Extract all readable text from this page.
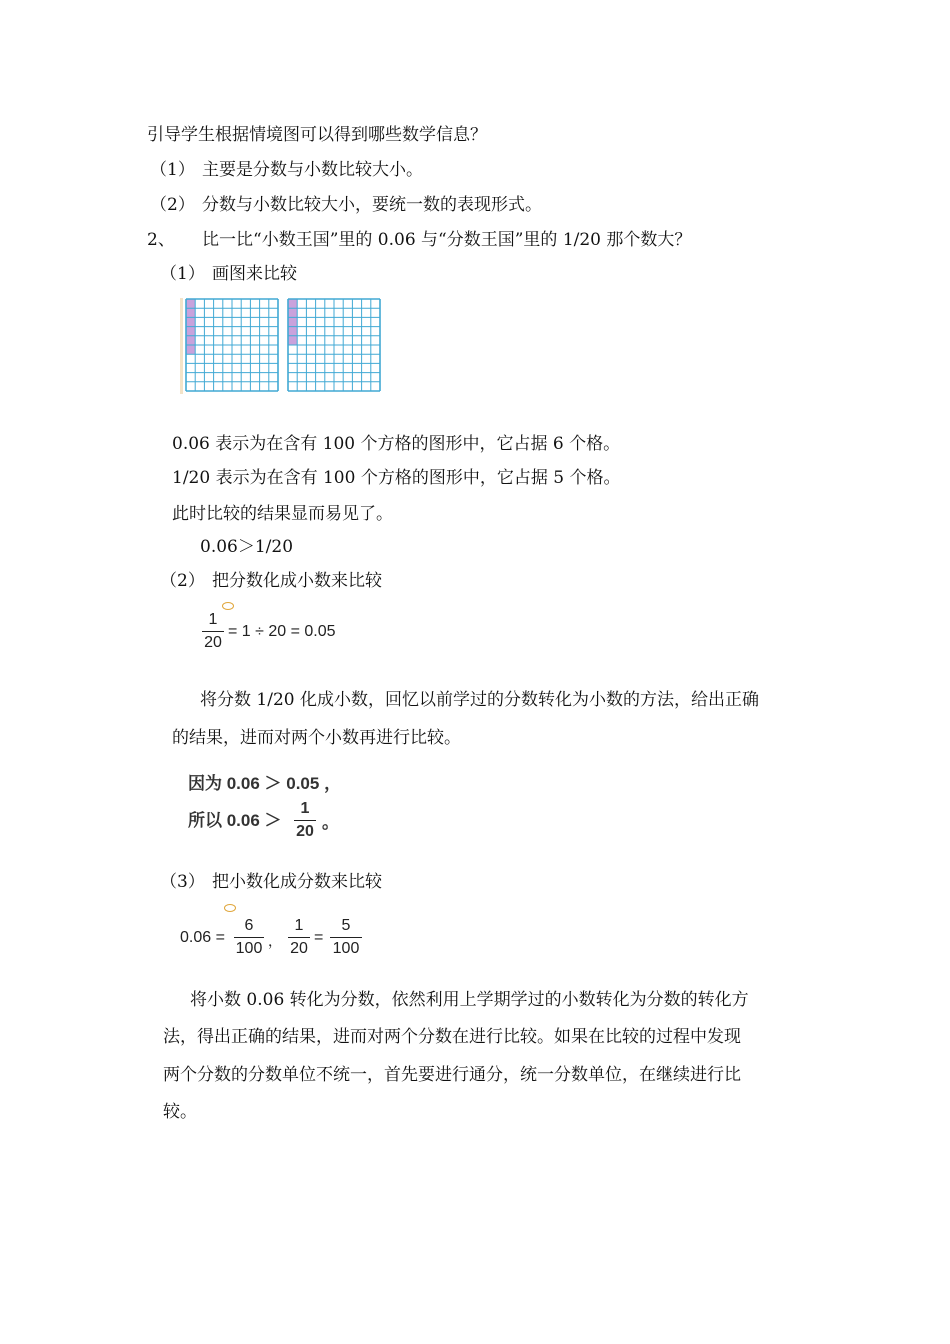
引导学生根据情境图可以得到哪些数学信息？
（1） 主要是分数与小数比较大小。
（2） 分数与小数比较大小，要统一数的表现形式。
2、 比一比“小数王国”里的 0.06 与“分数王国”里的 1/20 那个数大？
（1） 画图来比较
0.06 表示为在含有 100 个方格的图形中，它占据 6 个格。
1/20 表示为在含有 100 个方格的图形中，它占据 5 个格。
此时比较的结果显而易见了。
0.06＞1/20
（2） 把分数化成小数来比较
1
20
= 1 ÷ 20 = 0.05
将分数 1/20 化成小数，回忆以前学过的分数转化为小数的方法，给出正确
的结果，进而对两个小数再进行比较。
因为 0.06 ＞ 0.05 ，
所以 0.06 ＞
1
20 。
（3） 把小数化成分数来比较
0.06 =
6
100 ，
1
20
=
5
100
将小数 0.06 转化为分数，依然利用上学期学过的小数转化为分数的转化方
法，得出正确的结果，进而对两个分数在进行比较。如果在比较的过程中发现
两个分数的分数单位不统一，首先要进行通分，统一分数单位，在继续进行比
较。
